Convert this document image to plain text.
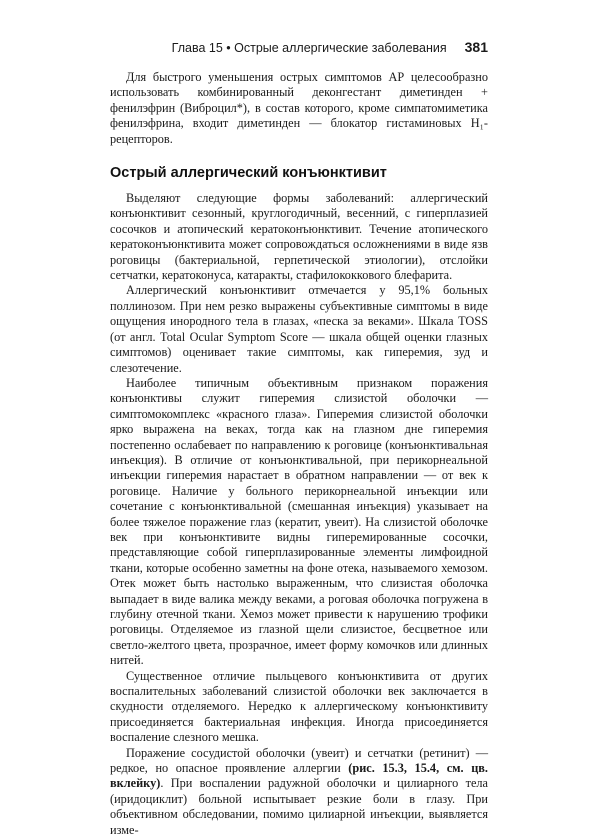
Глава 15 • Острые аллергические заболевания 381

Для быстрого уменьшения острых симптомов АР целесообразно использовать комбинированный деконгестант диметинден + фенилэфрин (Виброцил*), в состав которого, кроме симпатомиметика фенилэфрина, входит диметинден — блокатор гистаминовых H₁-рецепторов.

Острый аллергический конъюнктивит

Выделяют следующие формы заболеваний: аллергический конъюнктивит сезонный, круглогодичный, весенний, с гиперплазией сосочков и атопический кератоконъюнктивит. Течение атопического кератоконъюнктивита может сопровождаться осложнениями в виде язв роговицы (бактериальной, герпетической этиологии), отслойки сетчатки, кератоконуса, катаракты, стафилококкового блефарита.

Аллергический конъюнктивит отмечается у 95,1% больных поллинозом. При нем резко выражены субъективные симптомы в виде ощущения инородного тела в глазах, «песка за веками». Шкала TOSS (от англ. Total Ocular Symptom Score — шкала общей оценки глазных симптомов) оценивает такие симптомы, как гиперемия, зуд и слезотечение.

Наиболее типичным объективным признаком поражения конъюнктивы служит гиперемия слизистой оболочки — симптомокомплекс «красного глаза». Гиперемия слизистой оболочки ярко выражена на веках, тогда как на глазном дне гиперемия постепенно ослабевает по направлению к роговице (конъюнктивальная инъекция). В отличие от конъюнктивальной, при перикорнеальной инъекции гиперемия нарастает в обратном направлении — от век к роговице. Наличие у больного перикорнеальной инъекции или сочетание с конъюнктивальной (смешанная инъекция) указывает на более тяжелое поражение глаз (кератит, увеит). На слизистой оболочке век при конъюнктивите видны гиперемированные сосочки, представляющие собой гиперплазированные элементы лимфоидной ткани, которые особенно заметны на фоне отека, называемого хемозом. Отек может быть настолько выраженным, что слизистая оболочка выпадает в виде валика между веками, а роговая оболочка погружена в глубину отечной ткани. Хемоз может привести к нарушению трофики роговицы. Отделяемое из глазной щели слизистое, бесцветное или светло-желтого цвета, прозрачное, имеет форму комочков или длинных нитей.

Существенное отличие пыльцевого конъюнктивита от других воспалительных заболеваний слизистой оболочки век заключается в скудности отделяемого. Нередко к аллергическому конъюнктивиту присоединяется бактериальная инфекция. Иногда присоединяется воспаление слезного мешка.

Поражение сосудистой оболочки (увеит) и сетчатки (ретинит) — редкое, но опасное проявление аллергии (рис. 15.3, 15.4, см. цв. вклейку). При воспалении радужной оболочки и цилиарного тела (иридоциклит) больной испытывает резкие боли в глазу. При объективном обследовании, помимо цилиарной инъекции, выявляется изме-
